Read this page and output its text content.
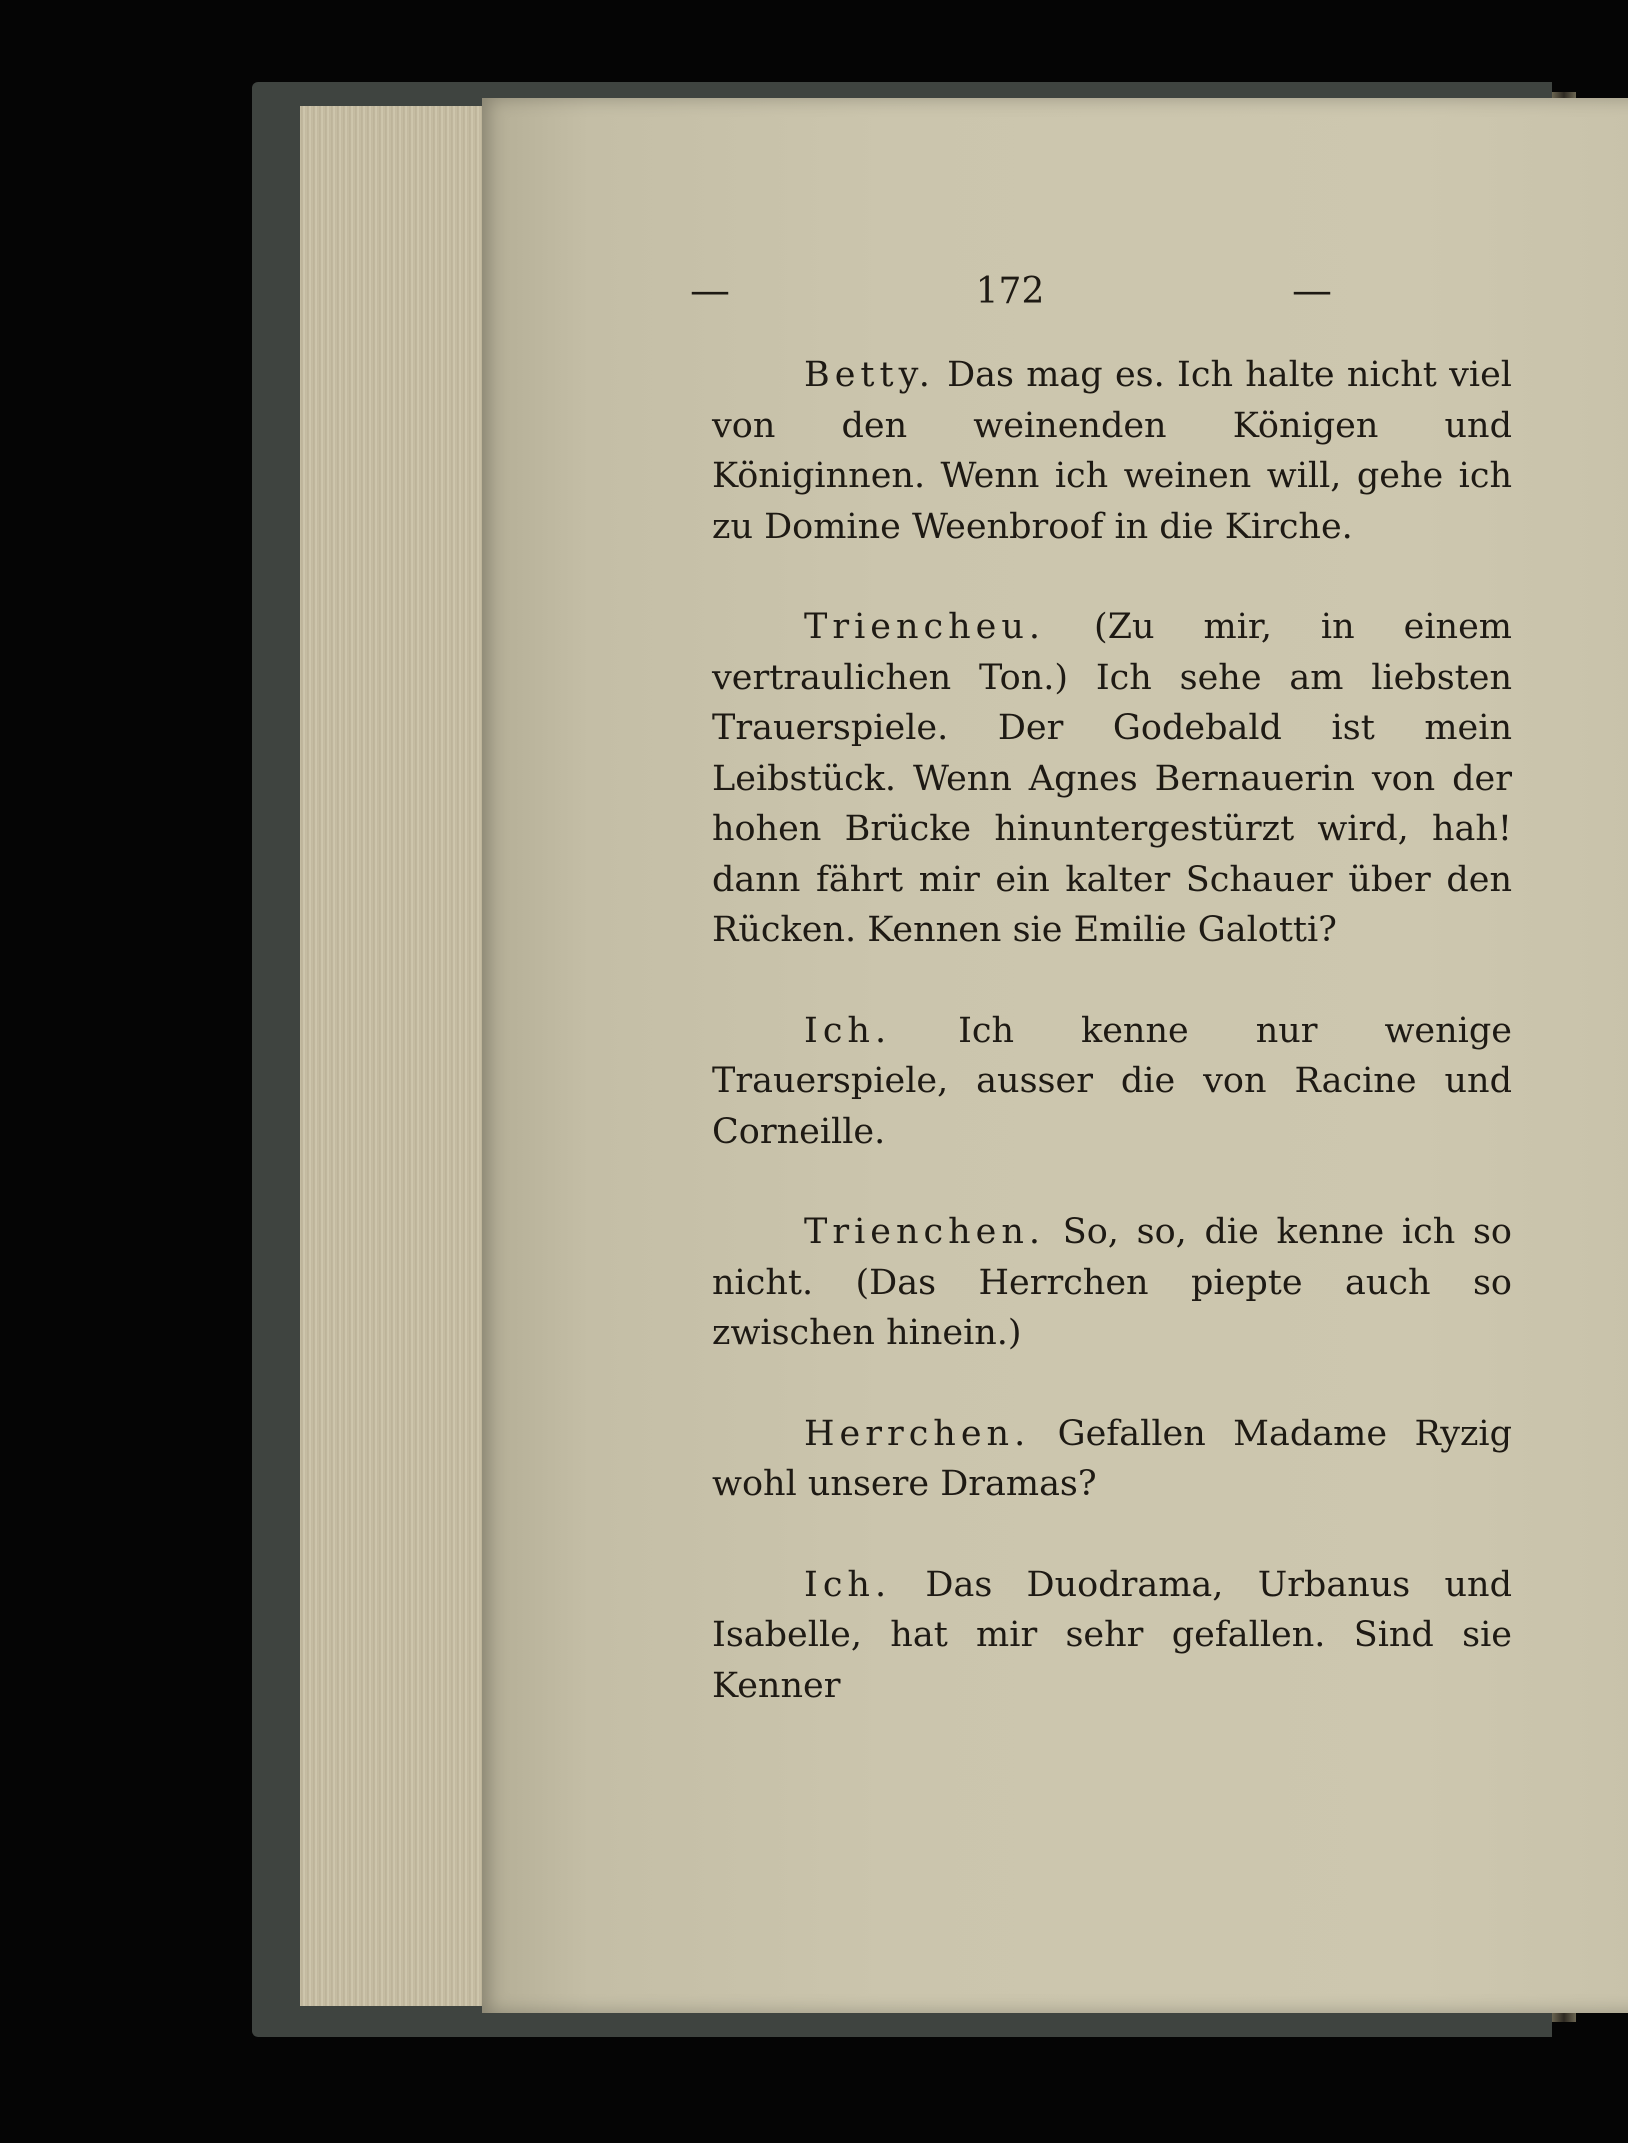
—	172	—

Betty. Das mag es. Ich halte nicht viel von den weinenden Königen und Königinnen. Wenn ich weinen will, gehe ich zu Domine Weenbroof in die Kirche.

Triencheu. (Zu mir, in einem vertraulichen Ton.) Ich sehe am liebsten Trauerspiele. Der Godebald ist mein Leibstück. Wenn Agnes Bernauerin von der hohen Brücke hinuntergestürzt wird, hah! dann fährt mir ein kalter Schauer über den Rücken. Kennen sie Emilie Galotti?

Ich. Ich kenne nur wenige Trauerspiele, ausser die von Racine und Corneille.

Trienchen. So, so, die kenne ich so nicht. (Das Herrchen piepte auch so zwischen hinein.)

Herrchen. Gefallen Madame Ryzig wohl unsere Dramas?

Ich. Das Duodrama, Urbanus und Isabelle, hat mir sehr gefallen. Sind sie Kenner
